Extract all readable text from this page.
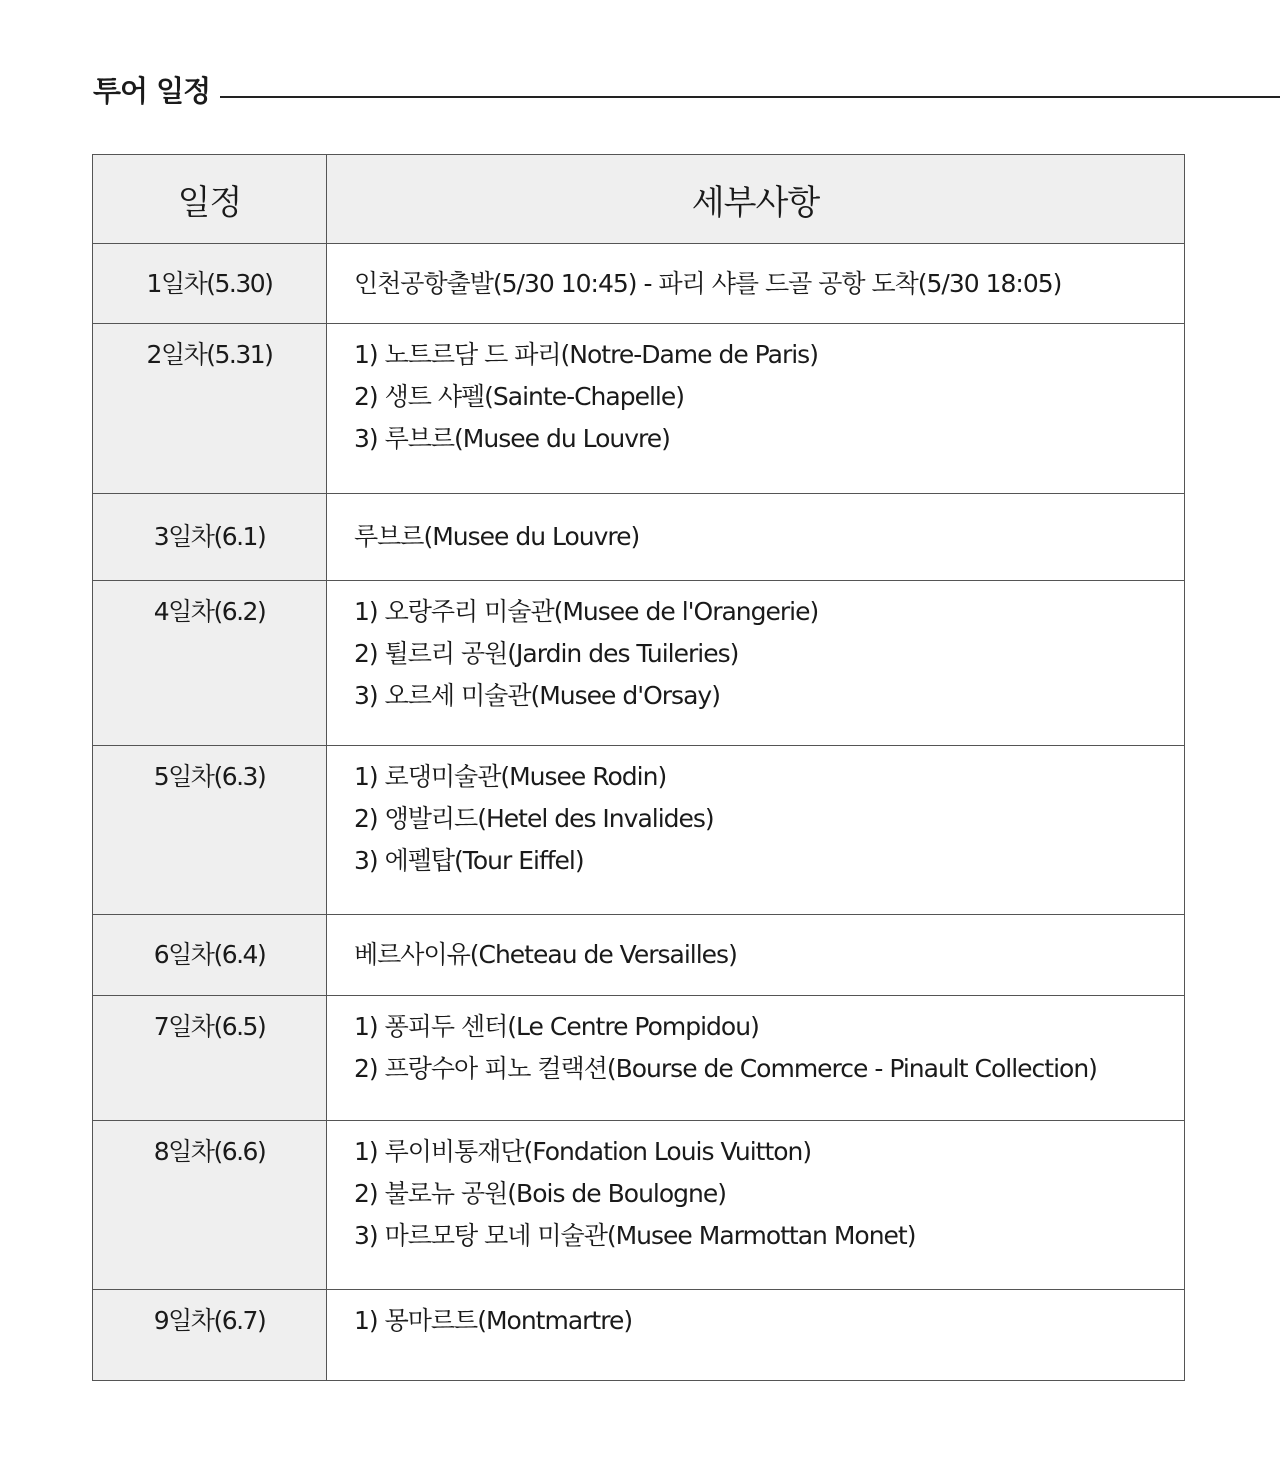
투어 일정
일정	세부사항

1일차(5.30)	인천공항출발(5/30 10:45) - 파리 샤를 드골 공항 도착(5/30 18:05)

2일차(5.31)	1) 노트르담 드 파리(Notre-Dame de Paris)
2) 생트 샤펠(Sainte-Chapelle)
3) 루브르(Musee du Louvre)

3일차(6.1)	루브르(Musee du Louvre)

4일차(6.2)	1) 오랑주리 미술관(Musee de l'Orangerie)
2) 튈르리 공원(Jardin des Tuileries)
3) 오르세 미술관(Musee d'Orsay)

5일차(6.3)	1) 로댕미술관(Musee Rodin)
2) 앵발리드(Hetel des Invalides)
3) 에펠탑(Tour Eiffel)

6일차(6.4)	베르사이유(Cheteau de Versailles)

7일차(6.5)	1) 퐁피두 센터(Le Centre Pompidou)
2) 프랑수아 피노 컬랙션(Bourse de Commerce - Pinault Collection)

8일차(6.6)	1) 루이비통재단(Fondation Louis Vuitton)
2) 불로뉴 공원(Bois de Boulogne)
3) 마르모탕 모네 미술관(Musee Marmottan Monet)

9일차(6.7)	1) 몽마르트(Montmartre)
